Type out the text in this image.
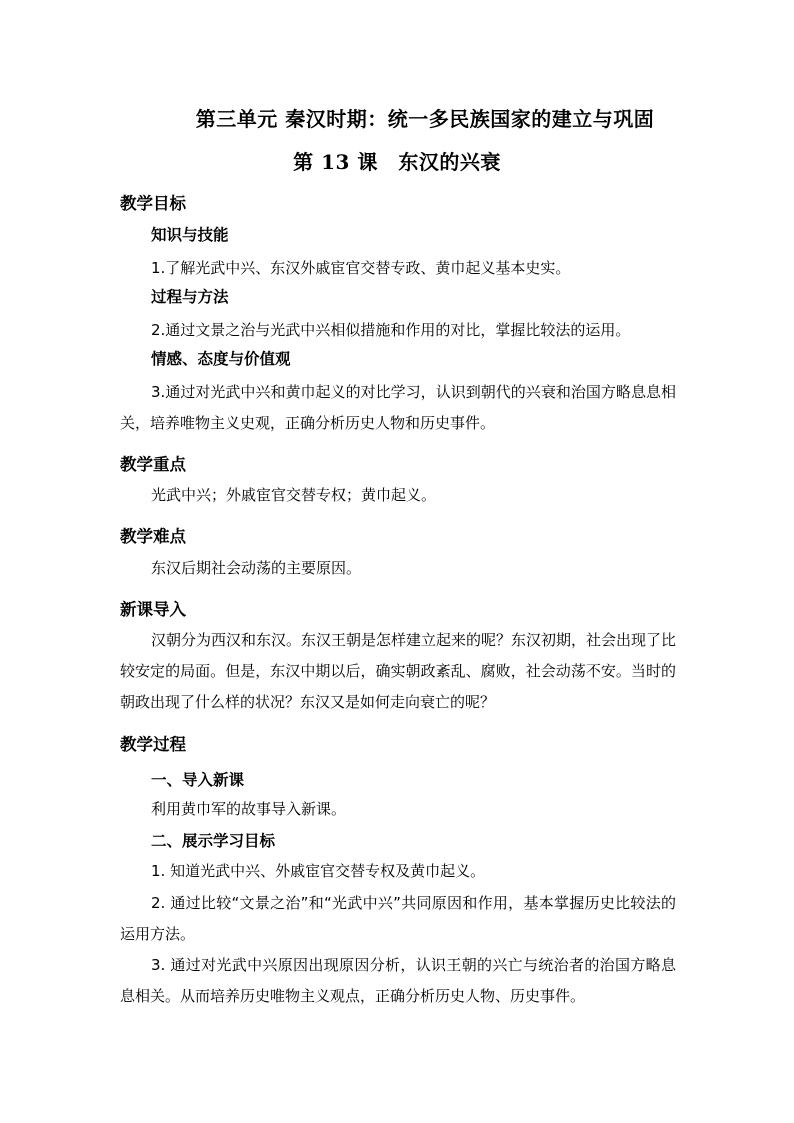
第三单元 秦汉时期：统一多民族国家的建立与巩固
第 13 课　东汉的兴衰
教学目标
知识与技能
1.了解光武中兴、东汉外戚宦官交替专政、黄巾起义基本史实。
过程与方法
2.通过文景之治与光武中兴相似措施和作用的对比，掌握比较法的运用。
情感、态度与价值观
3.通过对光武中兴和黄巾起义的对比学习，认识到朝代的兴衰和治国方略息息相关，培养唯物主义史观，正确分析历史人物和历史事件。
教学重点
光武中兴；外戚宦官交替专权；黄巾起义。
教学难点
东汉后期社会动荡的主要原因。
新课导入
汉朝分为西汉和东汉。东汉王朝是怎样建立起来的呢？东汉初期，社会出现了比较安定的局面。但是，东汉中期以后，确实朝政紊乱、腐败，社会动荡不安。当时的朝政出现了什么样的状况？东汉又是如何走向衰亡的呢？
教学过程
一、导入新课
利用黄巾军的故事导入新课。
二、展示学习目标
1. 知道光武中兴、外戚宦官交替专权及黄巾起义。
2. 通过比较“文景之治”和“光武中兴”共同原因和作用，基本掌握历史比较法的运用方法。
3. 通过对光武中兴原因出现原因分析，认识王朝的兴亡与统治者的治国方略息息相关。从而培养历史唯物主义观点，正确分析历史人物、历史事件。
